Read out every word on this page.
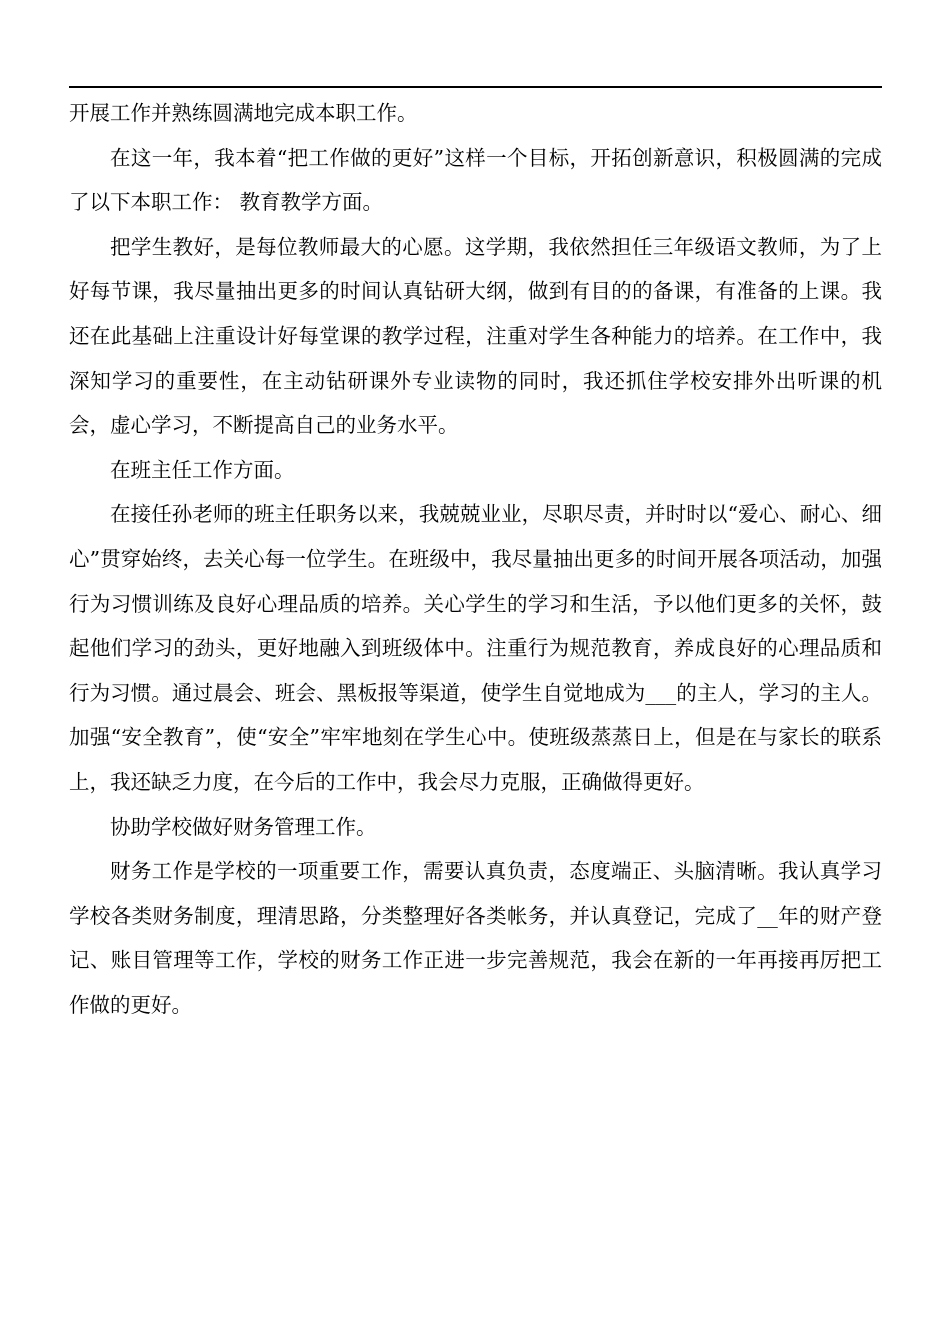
开展工作并熟练圆满地完成本职工作。

在这一年，我本着“把工作做的更好”这样一个目标，开拓创新意识，积极圆满的完成了以下本职工作： 教育教学方面。

把学生教好，是每位教师最大的心愿。这学期，我依然担任三年级语文教师，为了上好每节课，我尽量抽出更多的时间认真钻研大纲，做到有目的的备课，有准备的上课。我还在此基础上注重设计好每堂课的教学过程，注重对学生各种能力的培养。在工作中，我深知学习的重要性，在主动钻研课外专业读物的同时，我还抓住学校安排外出听课的机会，虚心学习，不断提高自己的业务水平。

在班主任工作方面。

在接任孙老师的班主任职务以来，我兢兢业业，尽职尽责，并时时以“爱心、耐心、细心”贯穿始终，去关心每一位学生。在班级中，我尽量抽出更多的时间开展各项活动，加强行为习惯训练及良好心理品质的培养。关心学生的学习和生活，予以他们更多的关怀，鼓起他们学习的劲头，更好地融入到班级体中。注重行为规范教育，养成良好的心理品质和行为习惯。通过晨会、班会、黑板报等渠道，使学生自觉地成为___的主人，学习的主人。加强“安全教育”，使“安全”牢牢地刻在学生心中。使班级蒸蒸日上，但是在与家长的联系上，我还缺乏力度，在今后的工作中，我会尽力克服，正确做得更好。

协助学校做好财务管理工作。

财务工作是学校的一项重要工作，需要认真负责，态度端正、头脑清晰。我认真学习学校各类财务制度，理清思路，分类整理好各类帐务，并认真登记，完成了__年的财产登记、账目管理等工作，学校的财务工作正进一步完善规范，我会在新的一年再接再厉把工作做的更好。
